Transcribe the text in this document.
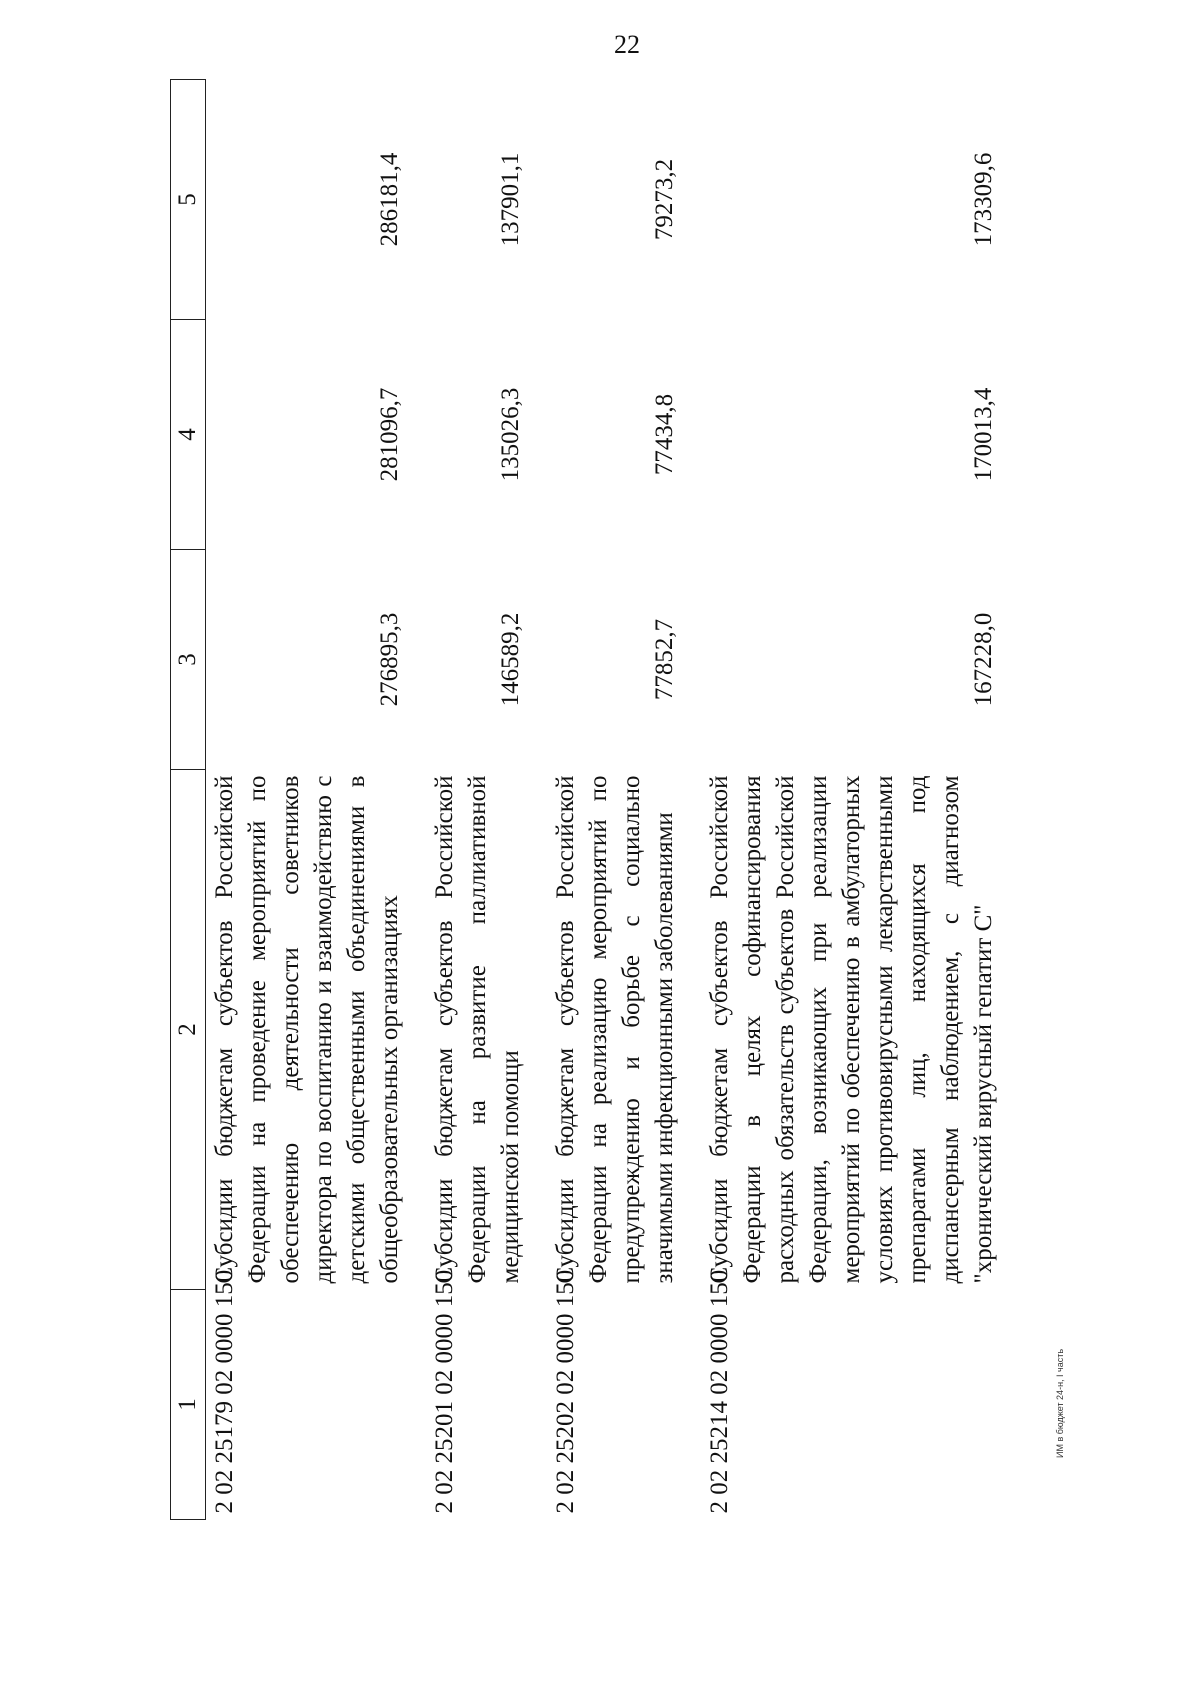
22
1	2	3	4	5
2 02 25179 02 0000 150	Субсидии бюджетам субъектов Российской Федерации на проведение мероприятий по обеспечению деятельности советников директора по воспитанию и взаимодействию с детскими общественными объединениями в общеобразовательных организациях	276895,3	281096,7	286181,4
2 02 25201 02 0000 150	Субсидии бюджетам субъектов Российской Федерации на развитие паллиативной медицинской помощи	146589,2	135026,3	137901,1
2 02 25202 02 0000 150	Субсидии бюджетам субъектов Российской Федерации на реализацию мероприятий по предупреждению и борьбе с социально значимыми инфекционными заболеваниями	77852,7	77434,8	79273,2
2 02 25214 02 0000 150	Субсидии бюджетам субъектов Российской Федерации в целях софинансирования расходных обязательств субъектов Российской Федерации, возникающих при реализации мероприятий по обеспечению в амбулаторных условиях противовирусными лекарственными препаратами лиц, находящихся под диспансерным наблюдением, с диагнозом "хронический вирусный гепатит С"	167228,0	170013,4	173309,6
ИМ в бюджет 24-н, I часть
